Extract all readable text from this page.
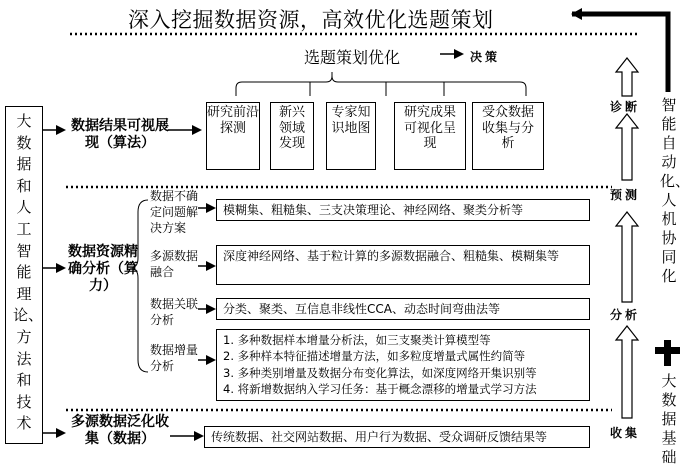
深入挖掘数据资源，高效优化选题策划
选题策划优化	决策
研究前沿探测
新兴领域发现
专家知识地图
研究成果可视化呈现
受众数据收集与分析
大数据和人工智能理论、方法和技术
数据结果可视展现（算法）
数据资源精确分析（算力）
多源数据泛化收集（数据）
数据不确定问题解决方案
多源数据融合
数据关联分析
数据增量分析
模糊集、粗糙集、三支决策理论、神经网络、聚类分析等
深度神经网络、基于粒计算的多源数据融合、粗糙集、模糊集等
分类、聚类、互信息非线性CCA、动态时间弯曲法等
1. 多种数据样本增量分析法，如三支聚类计算模型等
2. 多种样本特征描述增量方法，如多粒度增量式属性约简等
3. 多种类别增量及数据分布变化算法，如深度网络开集识别等
4. 将新增数据纳入学习任务：基于概念漂移的增量式学习方法
传统数据、社交网站数据、用户行为数据、受众调研反馈结果等
诊断
预测
分析
收集
智能自动化、人机协同化
大数据基础
